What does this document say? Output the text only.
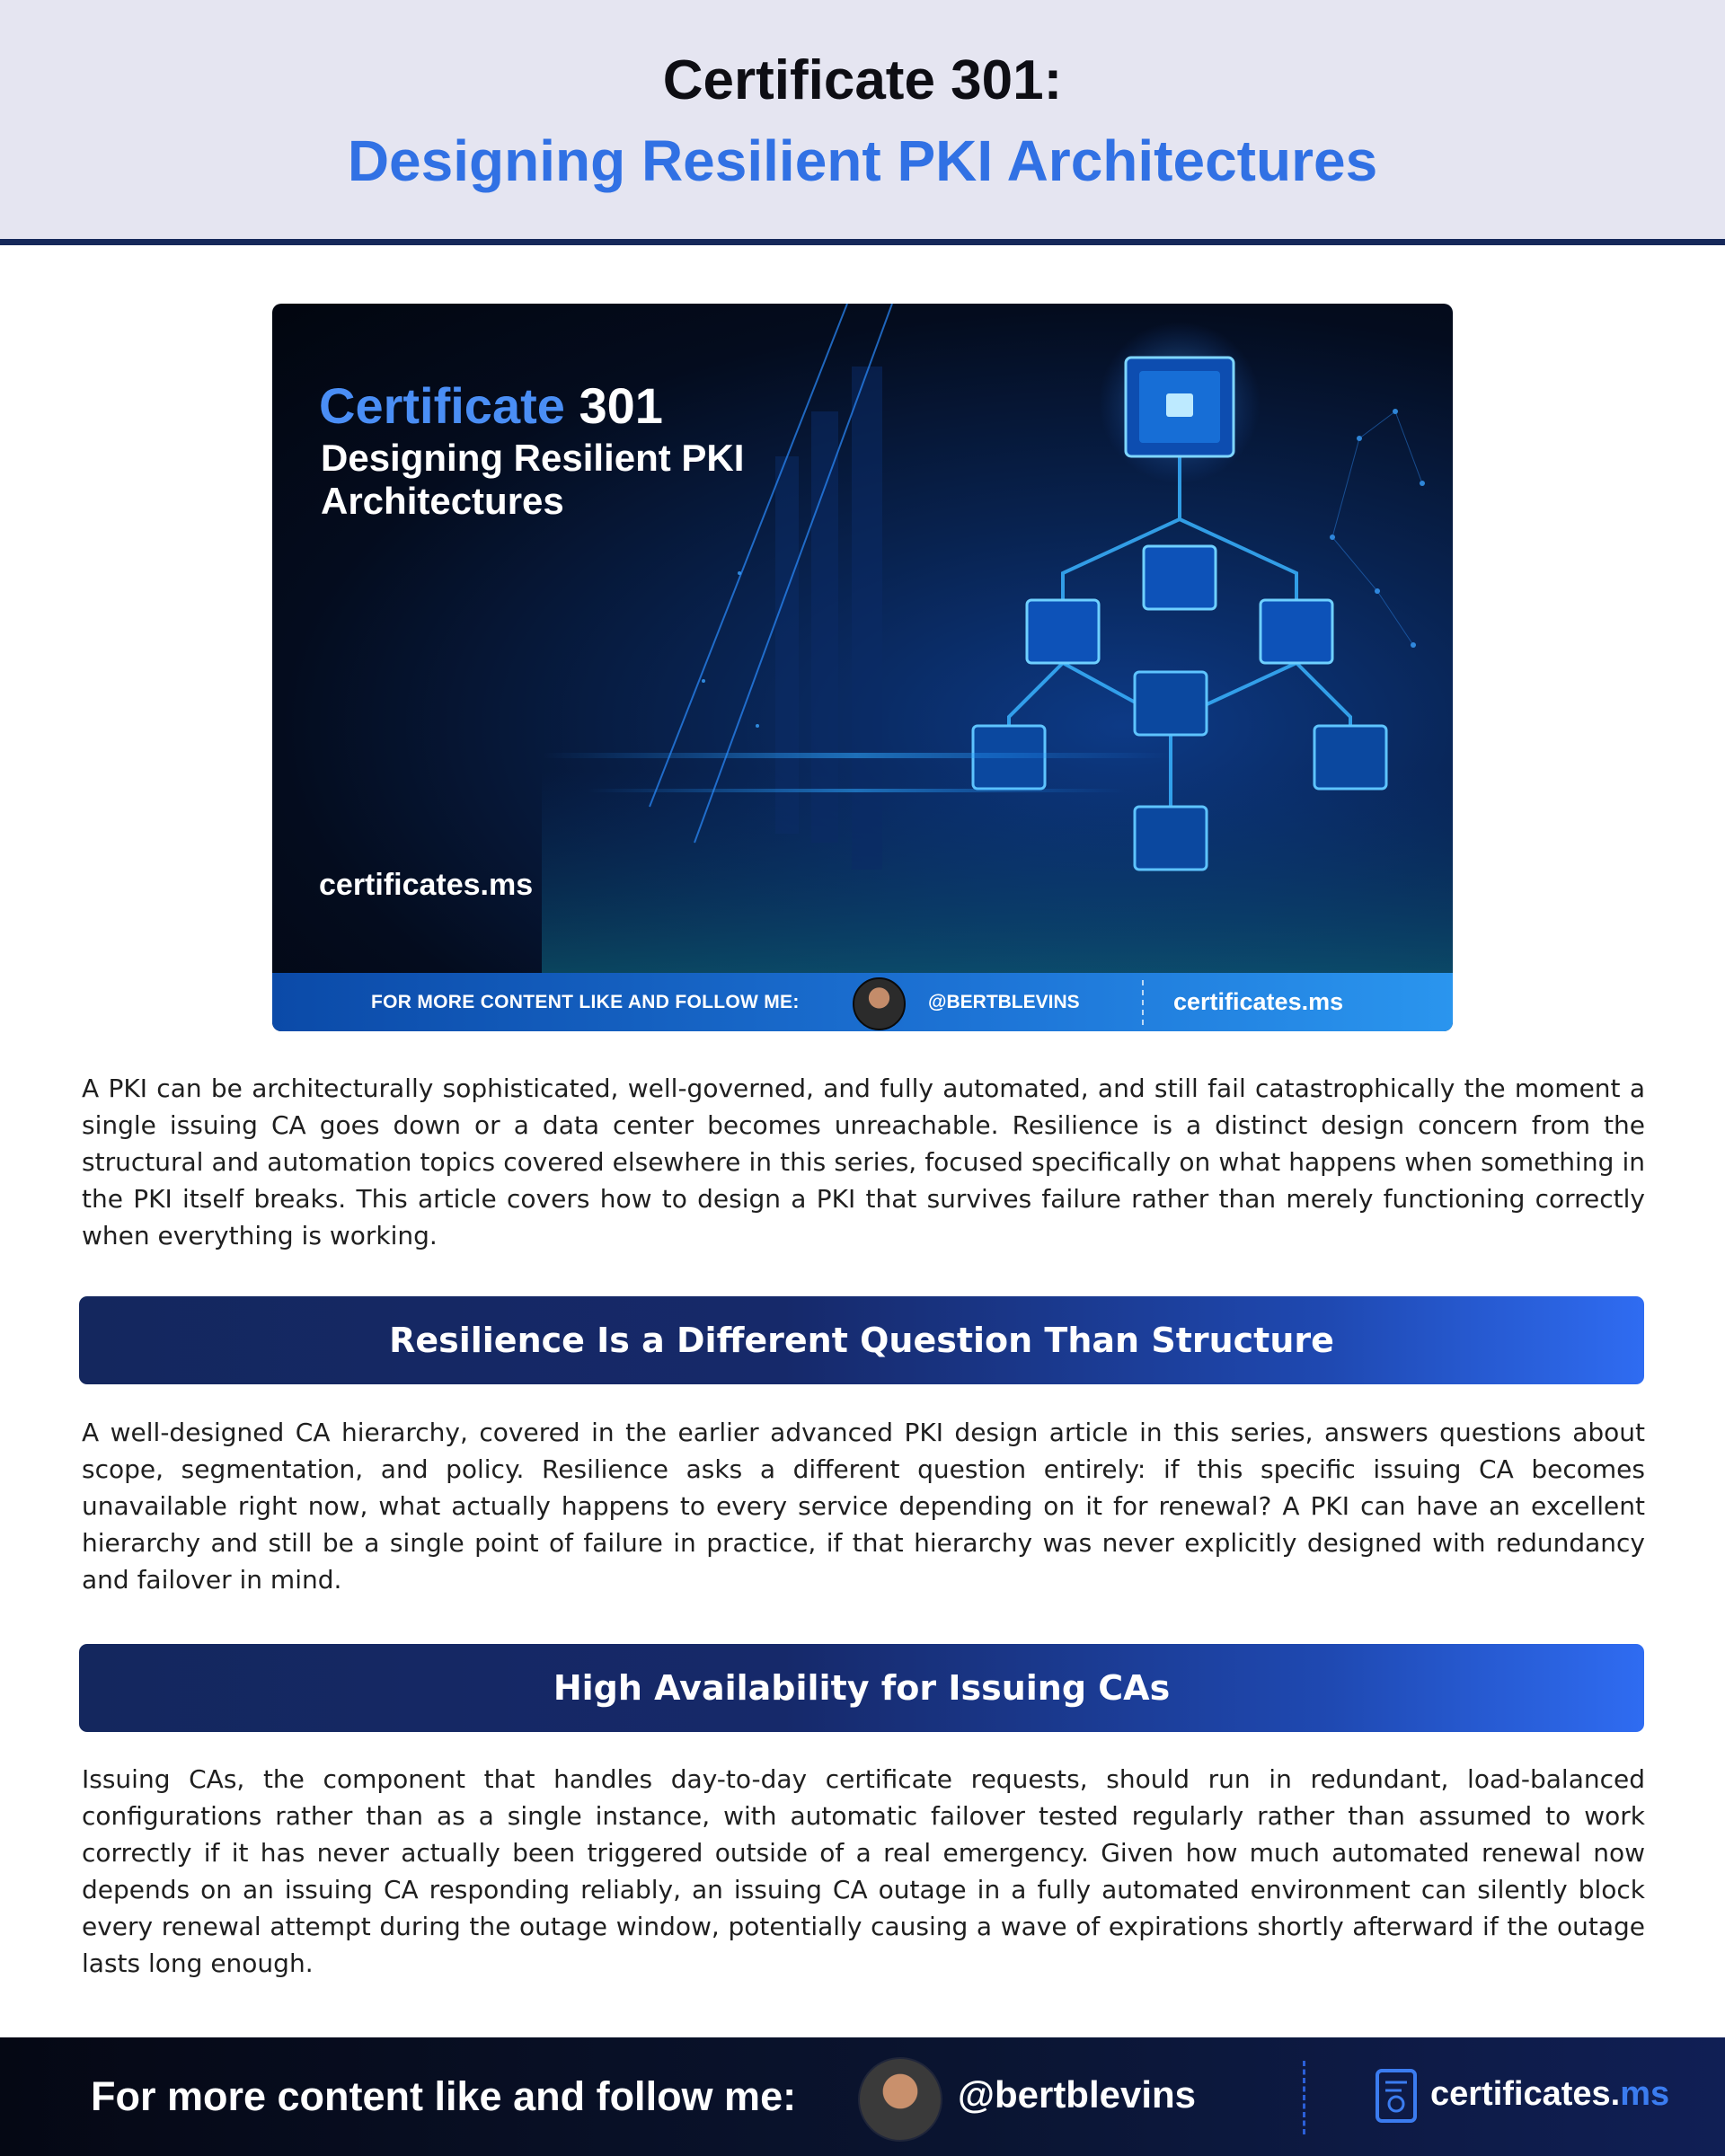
Certificate 301:
Designing Resilient PKI Architectures
Certificate 301
Designing Resilient PKI Architectures
certificates.ms
FOR MORE CONTENT LIKE AND FOLLOW ME:	@BERTBLEVINS	certificates.ms

A PKI can be architecturally sophisticated, well-governed, and fully automated, and still fail catastrophically the moment a single issuing CA goes down or a data center becomes unreachable. Resilience is a distinct design concern from the structural and automation topics covered elsewhere in this series, focused specifically on what happens when something in the PKI itself breaks. This article covers how to design a PKI that survives failure rather than merely functioning correctly when everything is working.

Resilience Is a Different Question Than Structure

A well-designed CA hierarchy, covered in the earlier advanced PKI design article in this series, answers questions about scope, segmentation, and policy. Resilience asks a different question entirely: if this specific issuing CA becomes unavailable right now, what actually happens to every service depending on it for renewal? A PKI can have an excellent hierarchy and still be a single point of failure in practice, if that hierarchy was never explicitly designed with redundancy and failover in mind.

High Availability for Issuing CAs

Issuing CAs, the component that handles day-to-day certificate requests, should run in redundant, load-balanced configurations rather than as a single instance, with automatic failover tested regularly rather than assumed to work correctly if it has never actually been triggered outside of a real emergency. Given how much automated renewal now depends on an issuing CA responding reliably, an issuing CA outage in a fully automated environment can silently block every renewal attempt during the outage window, potentially causing a wave of expirations shortly afterward if the outage lasts long enough.

For more content like and follow me:	@bertblevins	certificates.ms
